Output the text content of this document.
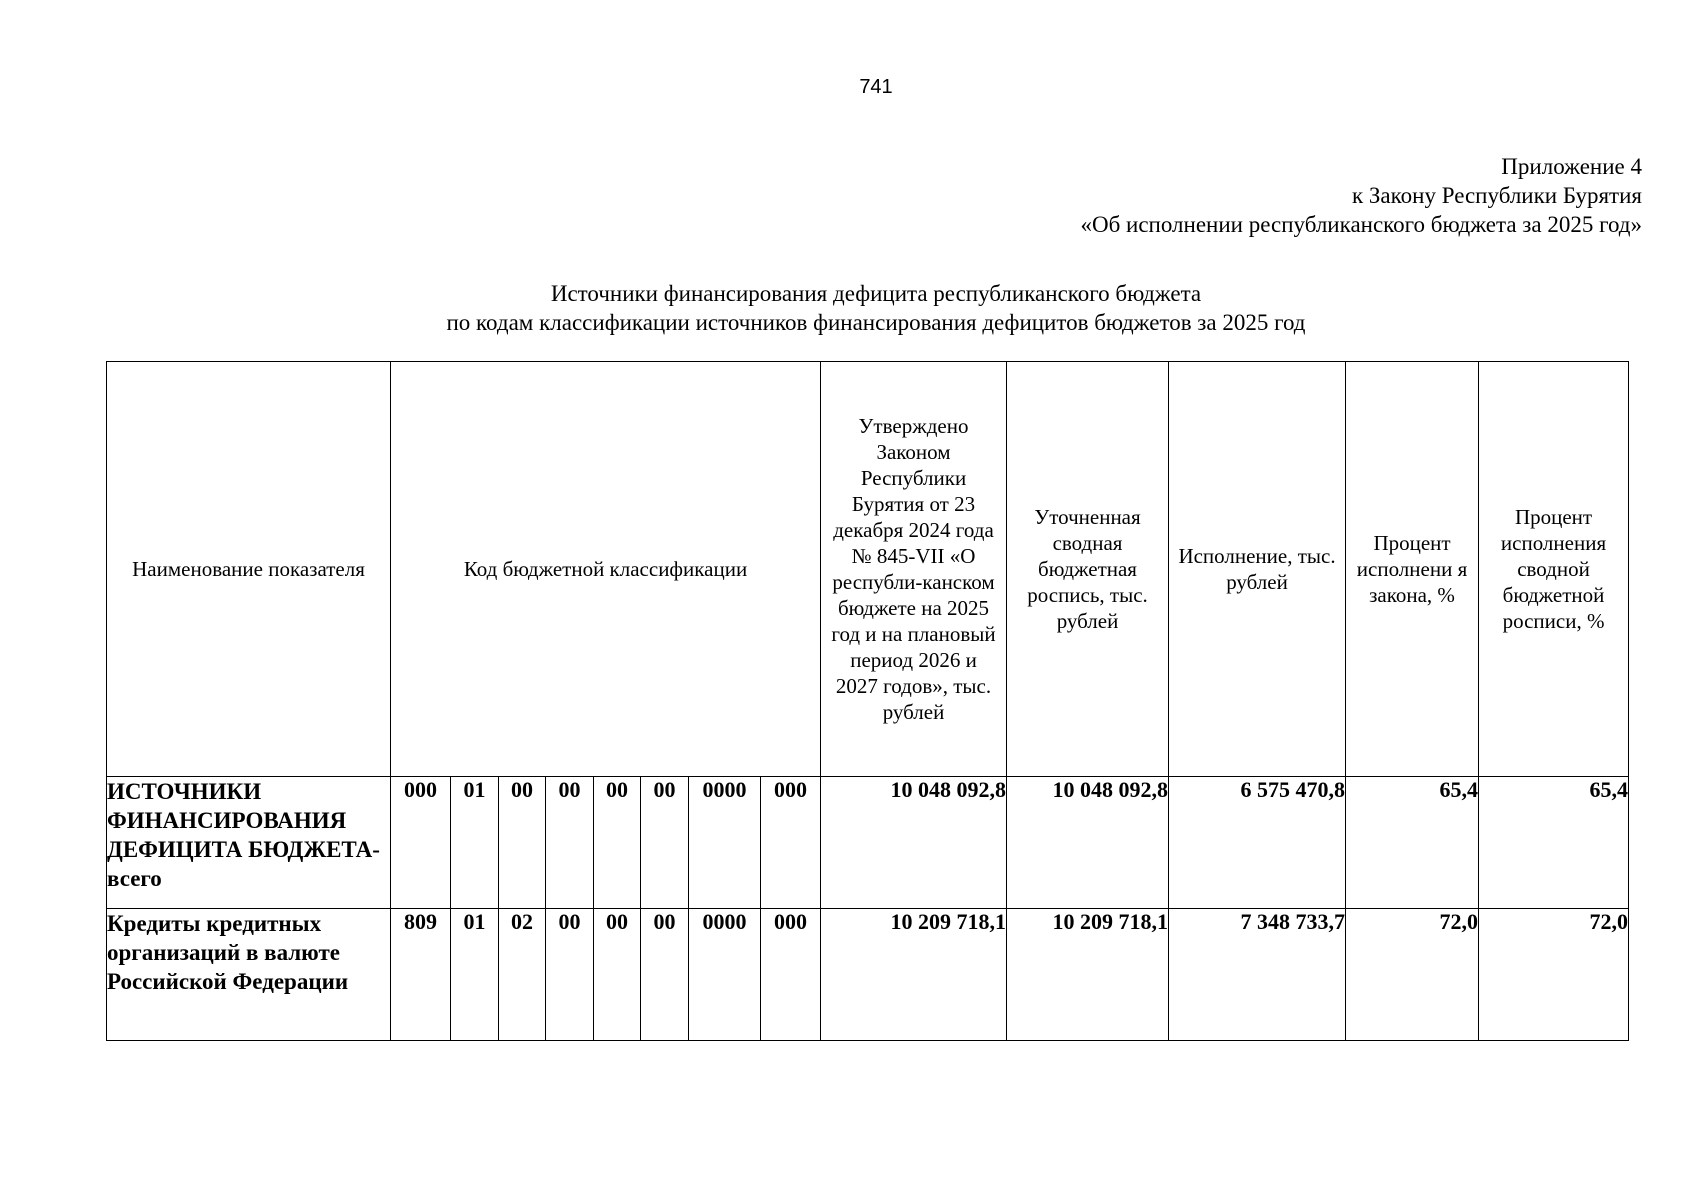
741
Приложение 4
к Закону Республики Бурятия
«Об исполнении республиканского бюджета за 2025 год»
Источники финансирования дефицита республиканского бюджета
по кодам классификации источников финансирования дефицитов бюджетов за 2025 год
Наименование показателя	Код бюджетной классификации								Утверждено Законом Республики Бурятия от 23 декабря 2024 года № 845-VII «О республи-канском бюджете на 2025 год и на плановый период 2026 и 2027 годов», тыс. рублей	Уточненная сводная бюджетная роспись, тыс. рублей	Исполнение, тыс. рублей	Процент исполнени я закона, %	Процент исполнения сводной бюджетной росписи, %
ИСТОЧНИКИ ФИНАНСИРОВАНИЯ ДЕФИЦИТА БЮДЖЕТА-всего	000	01	00	00	00	00	0000	000	10 048 092,8	10 048 092,8	6 575 470,8	65,4	65,4
Кредиты кредитных организаций в валюте Российской Федерации	809	01	02	00	00	00	0000	000	10 209 718,1	10 209 718,1	7 348 733,7	72,0	72,0
